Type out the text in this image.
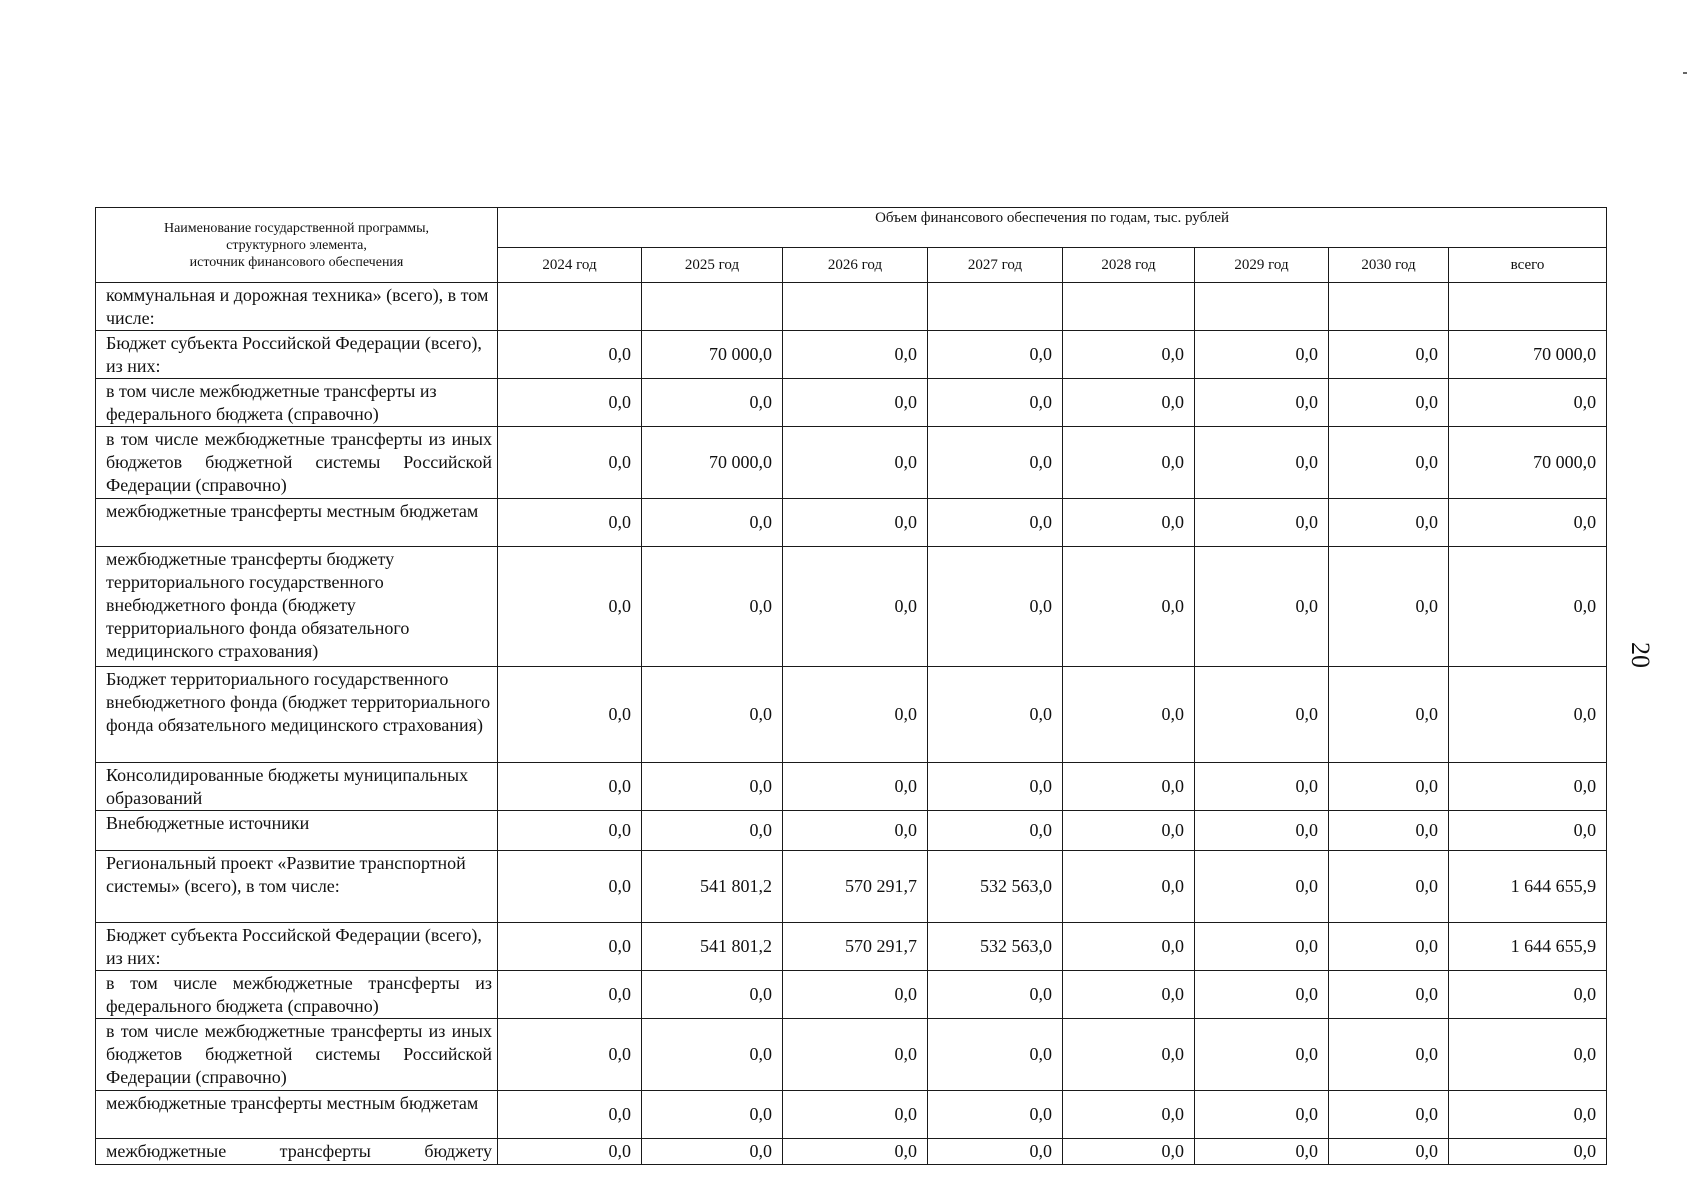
Наименование государственной программы,
структурного элемента,
источник финансового обеспечения	Объем финансового обеспечения по годам, тыс. рублей							
	2024 год	2025 год	2026 год	2027 год	2028 год	2029 год	2030 год	всего
коммунальная и дорожная техника» (всего), в том числе:								
Бюджет субъекта Российской Федерации (всего), из них:	0,0	70 000,0	0,0	0,0	0,0	0,0	0,0	70 000,0
в том числе межбюджетные трансферты из федерального бюджета (справочно)	0,0	0,0	0,0	0,0	0,0	0,0	0,0	0,0
в том числе межбюджетные трансферты из иных бюджетов бюджетной системы Российской Федерации (справочно)	0,0	70 000,0	0,0	0,0	0,0	0,0	0,0	70 000,0
межбюджетные трансферты местным бюджетам	0,0	0,0	0,0	0,0	0,0	0,0	0,0	0,0
межбюджетные трансферты бюджету территориального государственного внебюджетного фонда (бюджету территориального фонда обязательного медицинского страхования)	0,0	0,0	0,0	0,0	0,0	0,0	0,0	0,0
Бюджет территориального государственного внебюджетного фонда (бюджет территориального фонда обязательного медицинского страхования)	0,0	0,0	0,0	0,0	0,0	0,0	0,0	0,0
Консолидированные бюджеты муниципальных образований	0,0	0,0	0,0	0,0	0,0	0,0	0,0	0,0
Внебюджетные источники	0,0	0,0	0,0	0,0	0,0	0,0	0,0	0,0
Региональный проект «Развитие транспортной системы» (всего), в том числе:	0,0	541 801,2	570 291,7	532 563,0	0,0	0,0	0,0	1 644 655,9
Бюджет субъекта Российской Федерации (всего), из них:	0,0	541 801,2	570 291,7	532 563,0	0,0	0,0	0,0	1 644 655,9
в том числе межбюджетные трансферты из федерального бюджета (справочно)	0,0	0,0	0,0	0,0	0,0	0,0	0,0	0,0
в том числе межбюджетные трансферты из иных бюджетов бюджетной системы Российской Федерации (справочно)	0,0	0,0	0,0	0,0	0,0	0,0	0,0	0,0
межбюджетные трансферты местным бюджетам	0,0	0,0	0,0	0,0	0,0	0,0	0,0	0,0
межбюджетные трансферты бюджету	0,0	0,0	0,0	0,0	0,0	0,0	0,0	0,0
20
